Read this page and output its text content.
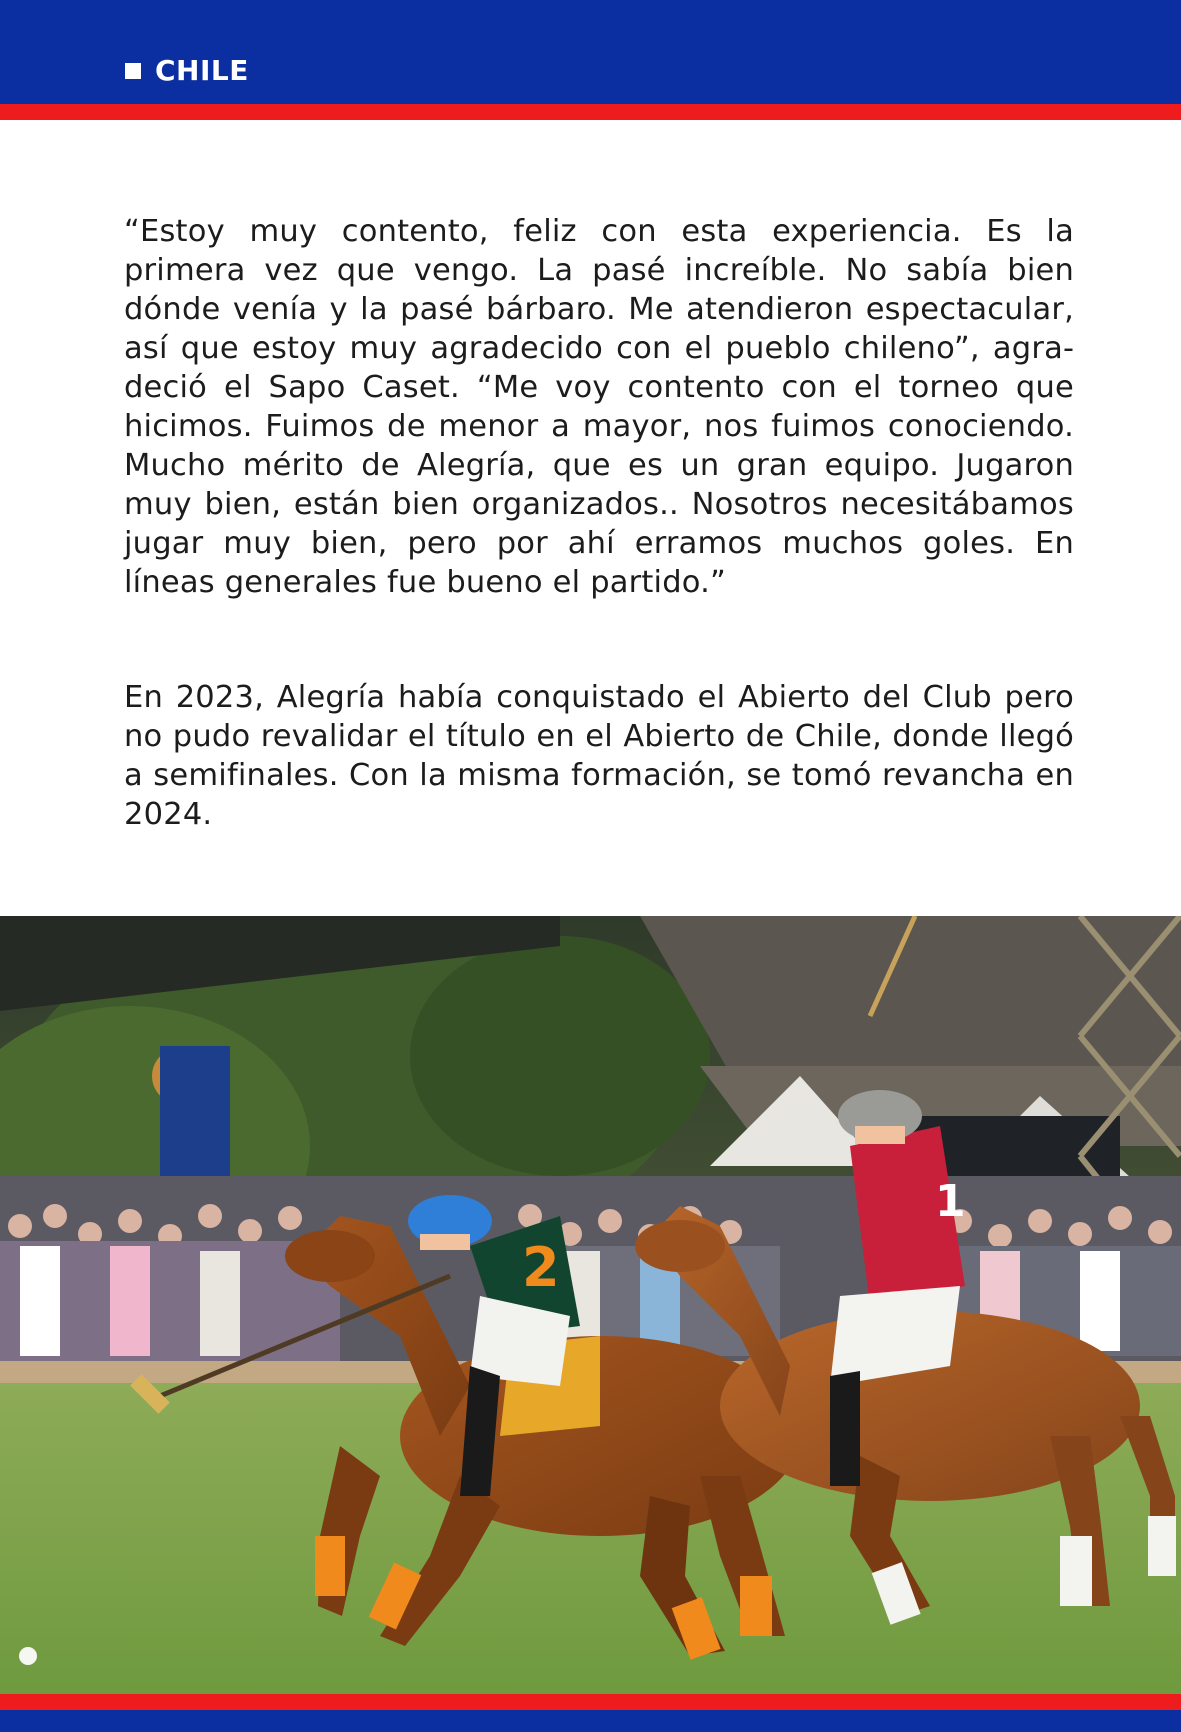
CHILE

“Estoy muy contento, feliz con esta experiencia. Es la primera vez que vengo. La pasé increíble. No sabía bien dónde venía y la pasé bárbaro. Me atendieron espectacular, así que estoy muy agradecido con el pueblo chileno”, agradeció el Sapo Caset. “Me voy contento con el torneo que hicimos. Fuimos de menor a mayor, nos fuimos conociendo. Mucho mérito de Alegría, que es un gran equipo. Jugaron muy bien, están bien organizados.. Nosotros necesitábamos jugar muy bien, pero por ahí erramos muchos goles. En líneas generales fue bueno el partido.”

En 2023, Alegría había conquistado el Abierto del Club pero no pudo revalidar el título en el Abierto de Chile, donde llegó a semifinales. Con la misma formación, se tomó revancha en 2024.

2
1
